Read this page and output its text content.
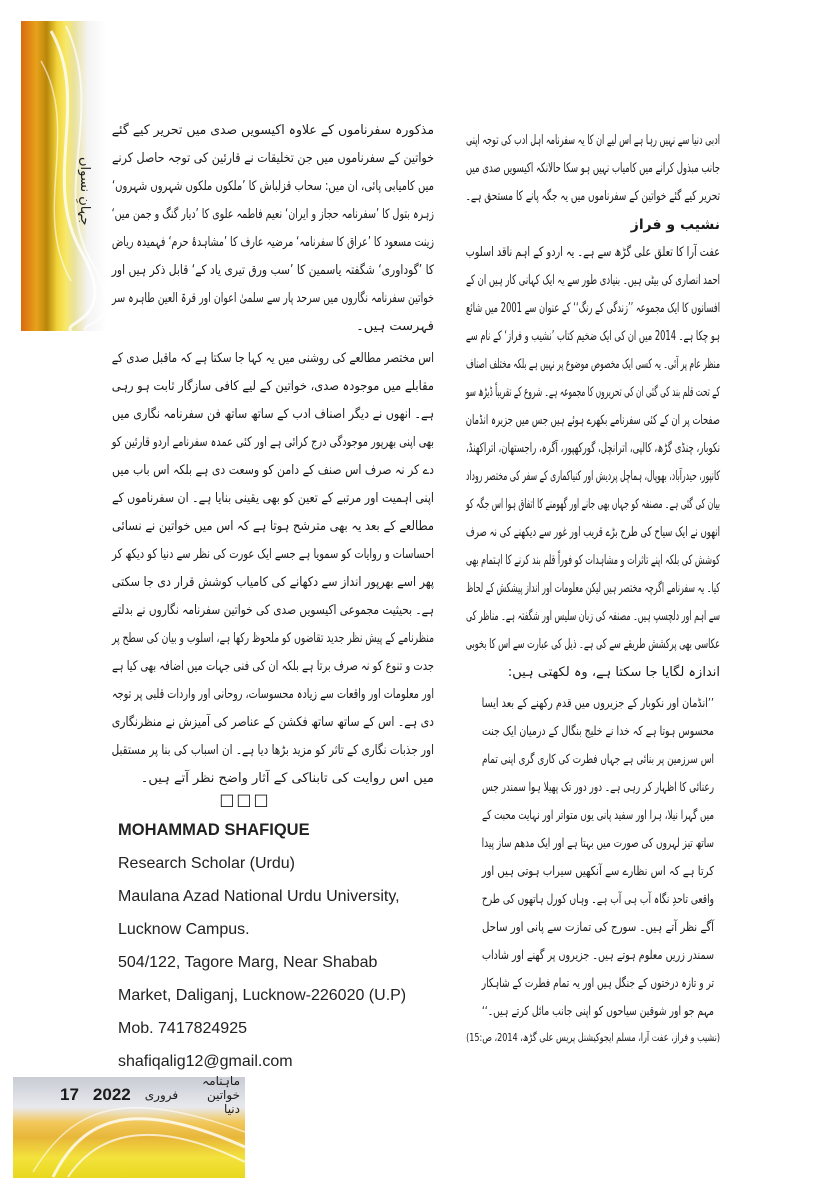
جہانِ نسواں
ادبی دنیا سے نہیں رہا ہے اس لیے ان کا یہ سفرنامہ اہل ادب کی توجہ اپنی
جانب مبذول کرانے میں کامیاب نہیں ہو سکا حالانکہ اکیسویں صدی میں
تحریر کیے گئے خواتین کے سفرناموں میں یہ جگہ پانے کا مستحق ہے۔
نشیب و فراز
عفت آرا کا تعلق علی گڑھ سے ہے۔ یہ اردو کے اہم ناقد اسلوب
احمد انصاری کی بیٹی ہیں۔ بنیادی طور سے یہ ایک کہانی کار ہیں ان کے
افسانوں کا ایک مجموعہ ’’زندگی کے رنگ‘‘ کے عنوان سے 2001 میں شائع
ہو چکا ہے۔ 2014 میں ان کی ایک ضخیم کتاب ’نشیب و فراز‘ کے نام سے
منظر عام پر آئی۔ یہ کسی ایک مخصوص موضوع پر نہیں ہے بلکہ مختلف اصناف
کے تحت قلم بند کی گئی ان کی تحریروں کا مجموعہ ہے۔ شروع کے تقریباً ڈیڑھ سو
صفحات پر ان کے کئی سفرنامے بکھرے ہوئے ہیں جس میں جزیرہ انڈمان
نکوبار، چنڈی گڑھ، کالپی، اترانچل، گورکھپور، آگرہ، راجستھان، اتراکھنڈ،
کانپور، حیدرآباد، بھوپال، ہماچل پردیش اور کنیاکماری کے سفر کی مختصر روداد
بیان کی گئی ہے۔ مصنفہ کو جہاں بھی جانے اور گھومنے کا اتفاق ہوا اس جگہ کو
انھوں نے ایک سیاح کی طرح بڑے قریب اور غور سے دیکھنے کی نہ صرف
کوشش کی بلکہ اپنے تاثرات و مشاہدات کو فوراً قلم بند کرنے کا اہتمام بھی
کیا۔ یہ سفرنامے اگرچہ مختصر ہیں لیکن معلومات اور انداز پیشکش کے لحاظ
سے اہم اور دلچسپ ہیں۔ مصنفہ کی زبان سلیس اور شگفتہ ہے۔ مناظر کی
عکاسی بھی پرکشش طریقے سے کی ہے۔ ذیل کی عبارت سے اس کا بخوبی
اندازہ لگایا جا سکتا ہے، وہ لکھتی ہیں:
’’انڈمان اور نکوبار کے جزیروں میں قدم رکھنے کے بعد ایسا
محسوس ہوتا ہے کہ خدا نے خلیج بنگال کے درمیان ایک جنت
اس سرزمین پر بنائی ہے جہاں فطرت کی کاری گری اپنی تمام
رعنائی کا اظہار کر رہی ہے۔ دور دور تک پھیلا ہوا سمندر جس
میں گہرا نیلا، ہرا اور سفید پانی یوں متواتر اور نہایت محبت کے
ساتھ تیز لہروں کی صورت میں بہتا ہے اور ایک مدھم ساز پیدا
کرتا ہے کہ اس نظارے سے آنکھیں سیراب ہوتی ہیں اور
واقعی تاحدِ نگاہ آب ہی آب ہے۔ وہاں کورل ہاتھوں کی طرح
آگے نظر آتے ہیں۔ سورج کی تمازت سے پانی اور ساحل
سمندر زریں معلوم ہوتے ہیں۔ جزیروں پر گھنے اور شاداب
تر و تازہ درختوں کے جنگل ہیں اور یہ تمام فطرت کے شاہکار
مہم جو اور شوقین سیاحوں کو اپنی جانب مائل کرتے ہیں۔‘‘
(نشیب و فراز، عفت آرا، مسلم ایجوکیشنل پریس علی گڑھ، 2014، ص:15)
مذکورہ سفرناموں کے علاوہ اکیسویں صدی میں تحریر کیے گئے
خواتین کے سفرناموں میں جن تخلیقات نے قارئین کی توجہ حاصل کرنے
میں کامیابی پائی، ان میں: سحاب قزلباش کا ’ملکوں ملکوں شہروں شہروں‘
زہرہ بتول کا ’سفرنامہ حجاز و ایران‘ نعیم فاطمہ علوی کا ’دیار گنگ و جمن میں‘
زینت مسعود کا ’عراق کا سفرنامہ‘ مرضیہ عارف کا ’مشاہدۂ حرم‘ فہمیدہ ریاض
کا ’گوداوری‘ شگفتہ یاسمین کا ’سب ورق تیری یاد کے‘ قابل ذکر ہیں اور
خواتین سفرنامہ نگاروں میں سرحد پار سے سلمیٰ اعوان اور قرۃ العین طاہرہ سر
فہرست ہیں۔
اس مختصر مطالعے کی روشنی میں یہ کہا جا سکتا ہے کہ ماقبل صدی کے
مقابلے میں موجودہ صدی، خواتین کے لیے کافی سازگار ثابت ہو رہی
ہے۔ انھوں نے دیگر اصناف ادب کے ساتھ ساتھ فن سفرنامہ نگاری میں
بھی اپنی بھرپور موجودگی درج کرائی ہے اور کئی عمدہ سفرنامے اردو قارئین کو
دے کر نہ صرف اس صنف کے دامن کو وسعت دی ہے بلکہ اس باب میں
اپنی اہمیت اور مرتبے کے تعین کو بھی یقینی بنایا ہے۔ ان سفرناموں کے
مطالعے کے بعد یہ بھی مترشح ہوتا ہے کہ اس میں خواتین نے نسائی
احساسات و روایات کو سمویا ہے جسے ایک عورت کی نظر سے دنیا کو دیکھ کر
پھر اسے بھرپور انداز سے دکھانے کی کامیاب کوشش قرار دی جا سکتی
ہے۔ بحیثیت مجموعی اکیسویں صدی کی خواتین سفرنامہ نگاروں نے بدلتے
منظرنامے کے پیش نظر جدید تقاضوں کو ملحوظ رکھا ہے، اسلوب و بیان کی سطح پر
جدت و تنوع کو نہ صرف برتا ہے بلکہ ان کی فنی جہات میں اضافہ بھی کیا ہے
اور معلومات اور واقعات سے زیادہ محسوسات، روحانی اور واردات قلبی پر توجہ
دی ہے۔ اس کے ساتھ ساتھ فکشن کے عناصر کی آمیزش نے منظرنگاری
اور جذبات نگاری کے تاثر کو مزید بڑھا دیا ہے۔ ان اسباب کی بنا پر مستقبل
میں اس روایت کی تابناکی کے آثار واضح نظر آتے ہیں۔
□□□
MOHAMMAD SHAFIQUE
Research Scholar (Urdu)
Maulana Azad National Urdu University,
Lucknow Campus.
504/122, Tagore Marg, Near Shabab
Market, Daliganj, Lucknow-226020 (U.P)
Mob. 7417824925
shafiqalig12@gmail.com
ماہنامہ خواتین دنیا
فروری
2022
17
